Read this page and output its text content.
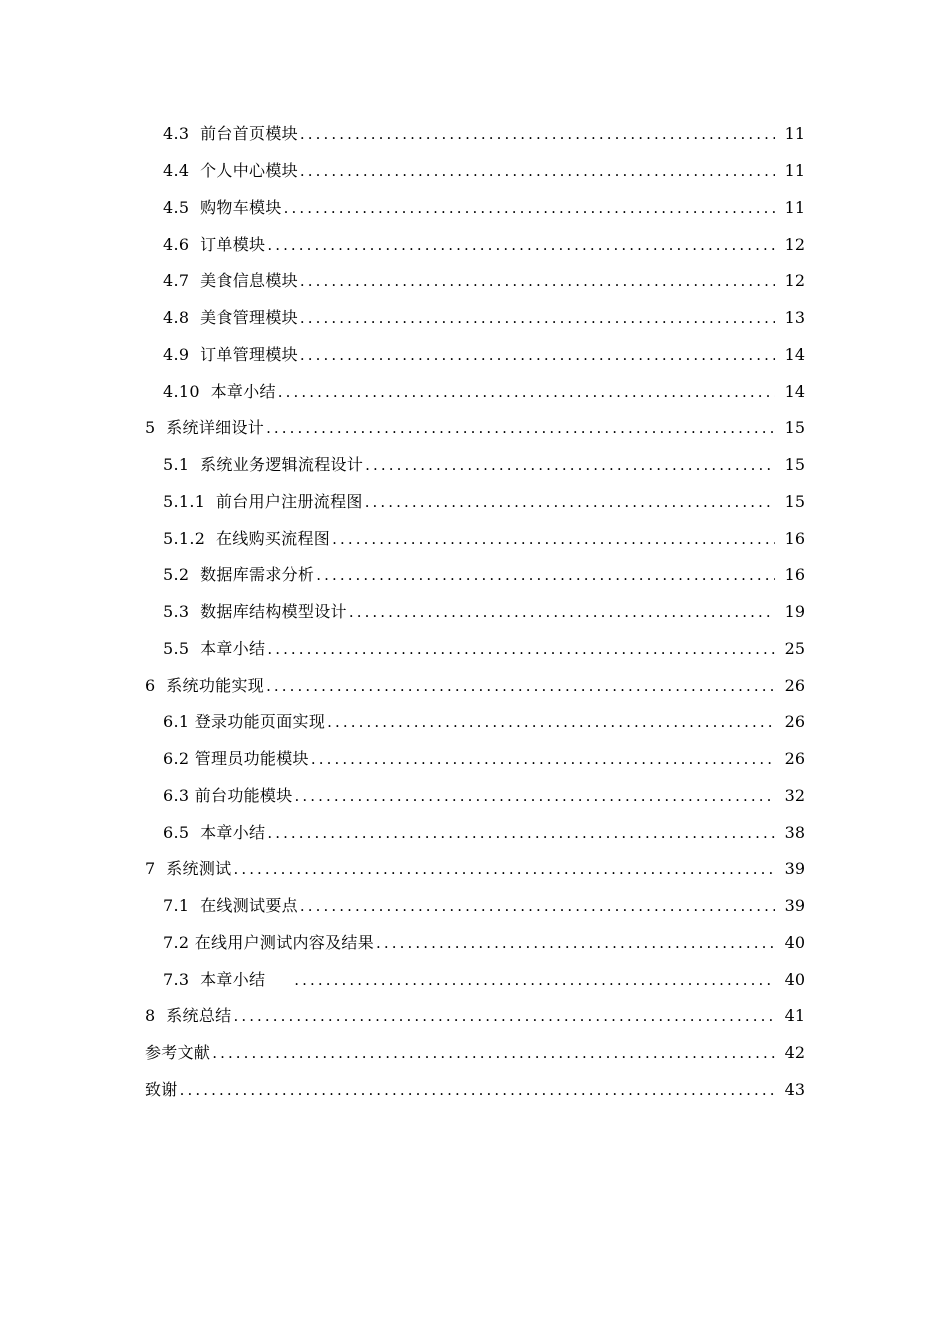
4.3  前台首页模块 .....	11
4.4  个人中心模块 .....	11
4.5  购物车模块 .....	11
4.6  订单模块 .....	12
4.7  美食信息模块 .....	12
4.8  美食管理模块 .....	13
4.9  订单管理模块 .....	14
4.10  本章小结 .....	14
5  系统详细设计 .....	15
5.1  系统业务逻辑流程设计 .....	15
5.1.1  前台用户注册流程图 .....	15
5.1.2  在线购买流程图 .....	16
5.2  数据库需求分析 .....	16
5.3  数据库结构模型设计 .....	19
5.5  本章小结 .....	25
6  系统功能实现 .....	26
6.1 登录功能页面实现 .....	26
6.2 管理员功能模块 .....	26
6.3 前台功能模块 .....	32
6.5  本章小结 .....	38
7  系统测试 .....	39
7.1  在线测试要点 .....	39
7.2 在线用户测试内容及结果 .....	40
7.3  本章小结 .....	40
8  系统总结 .....	41
参考文献 .....	42
致谢 .....	43
